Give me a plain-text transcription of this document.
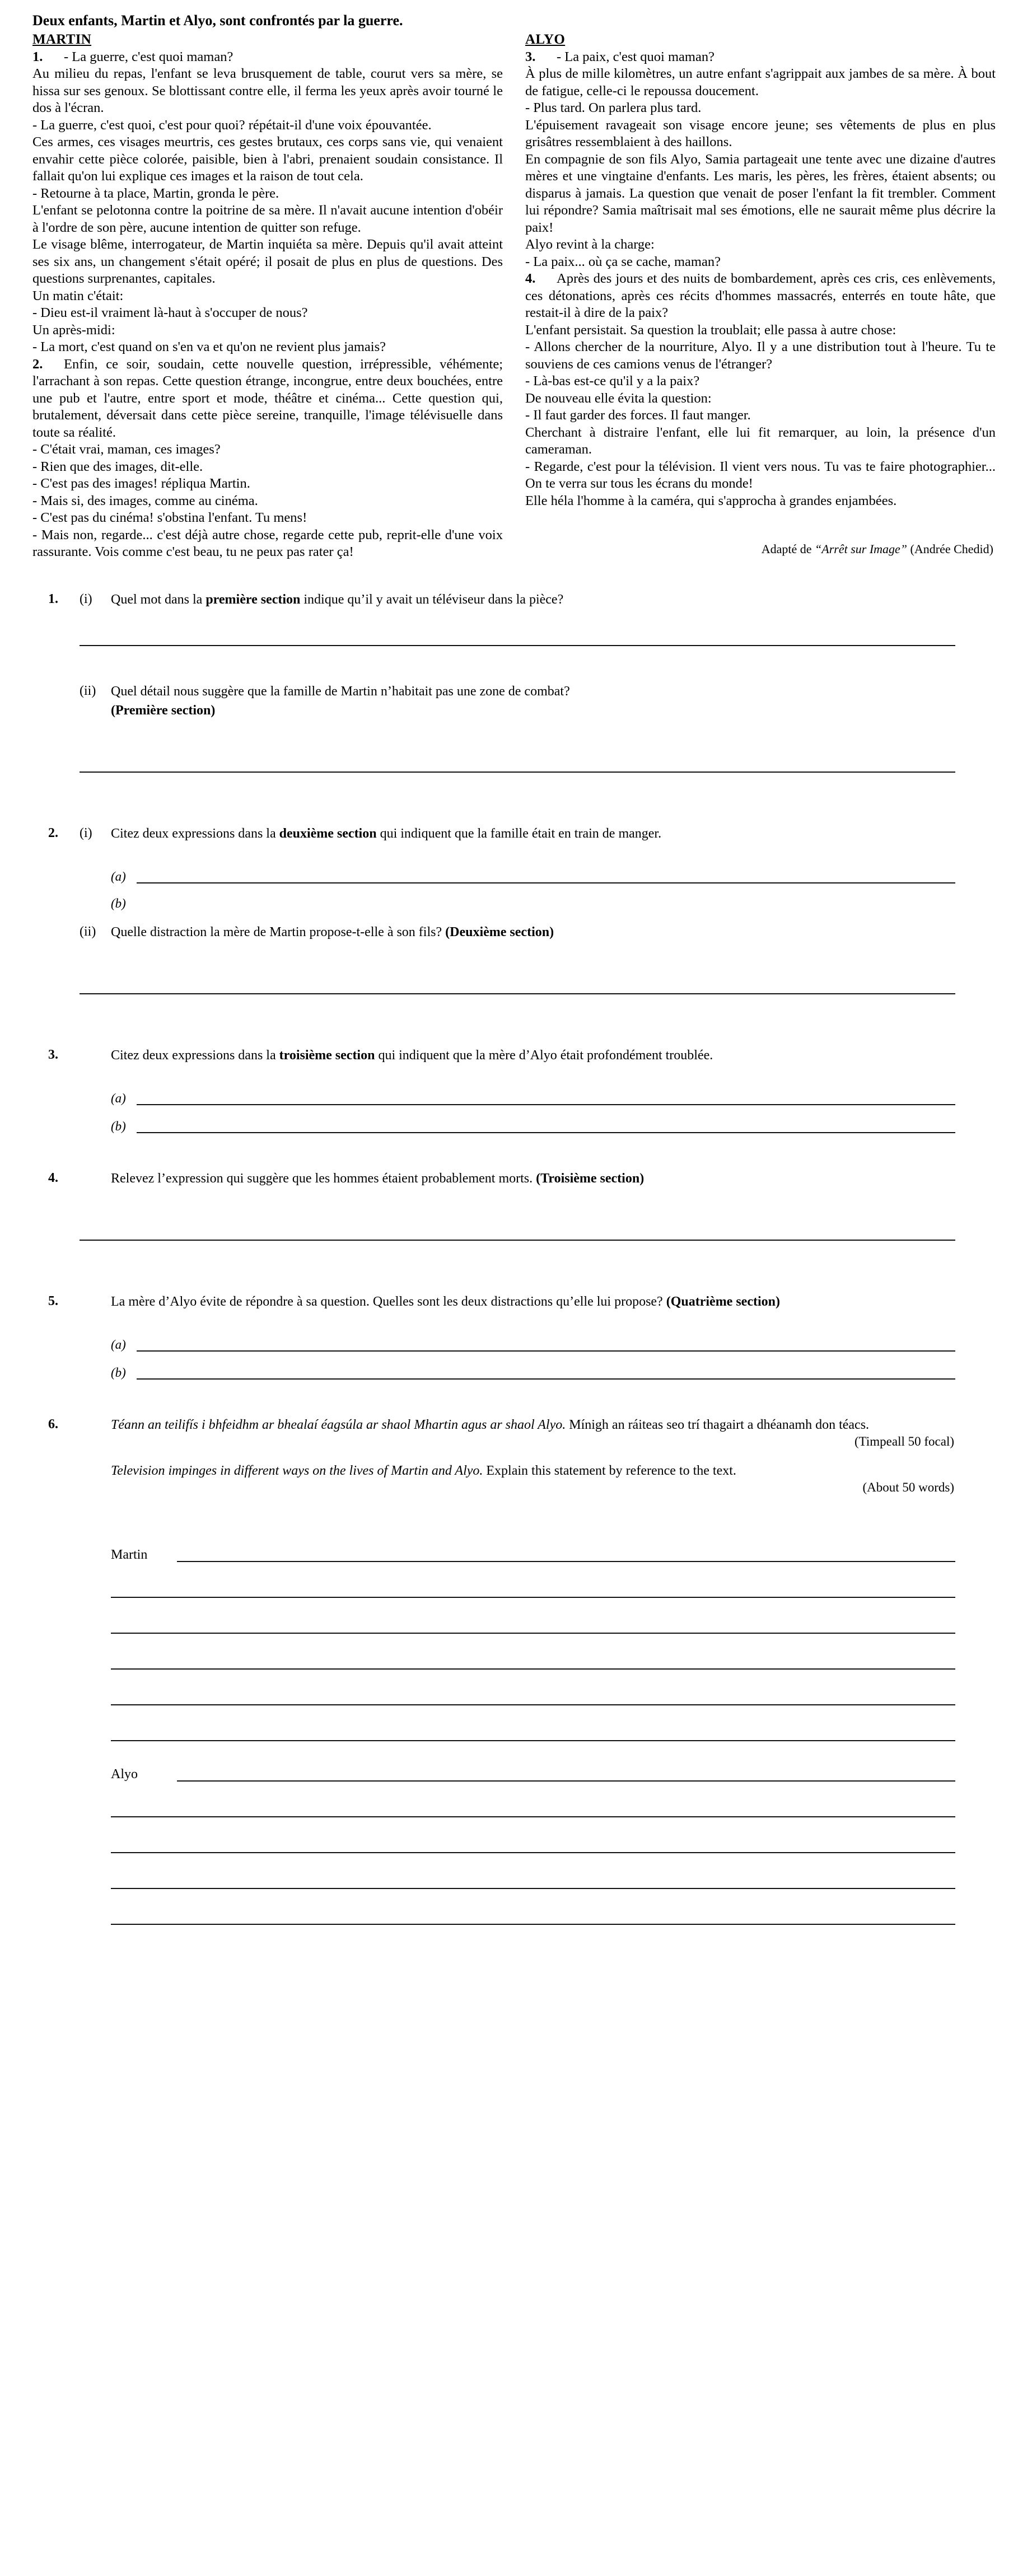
Deux enfants, Martin et Alyo, sont confrontés par la guerre.
MARTIN

1. - La guerre, c'est quoi maman?

Au milieu du repas, l'enfant se leva brusquement de table, courut vers sa mère, se hissa sur ses genoux. Se blottissant contre elle, il ferma les yeux après avoir tourné le dos à l'écran.

- La guerre, c'est quoi, c'est pour quoi? répétait-il d'une voix épouvantée.

Ces armes, ces visages meurtris, ces gestes brutaux, ces corps sans vie, qui venaient envahir cette pièce colorée, paisible, bien à l'abri, prenaient soudain consistance. Il fallait qu'on lui explique ces images et la raison de tout cela.

- Retourne à ta place, Martin, gronda le père.

L'enfant se pelotonna contre la poitrine de sa mère. Il n'avait aucune intention d'obéir à l'ordre de son père, aucune intention de quitter son refuge.

Le visage blême, interrogateur, de Martin inquiéta sa mère. Depuis qu'il avait atteint ses six ans, un changement s'était opéré; il posait de plus en plus de questions. Des questions surprenantes, capitales.

Un matin c'était:

- Dieu est-il vraiment là-haut à s'occuper de nous?

Un après-midi:

- La mort, c'est quand on s'en va et qu'on ne revient plus jamais?

2. Enfin, ce soir, soudain, cette nouvelle question, irrépressible, véhémente; l'arrachant à son repas. Cette question étrange, incongrue, entre deux bouchées, entre une pub et l'autre, entre sport et mode, théâtre et cinéma... Cette question qui, brutalement, déversait dans cette pièce sereine, tranquille, l'image télévisuelle dans toute sa réalité.

- C'était vrai, maman, ces images?

- Rien que des images, dit-elle.

- C'est pas des images! répliqua Martin.

- Mais si, des images, comme au cinéma.

- C'est pas du cinéma! s'obstina l'enfant. Tu mens!

- Mais non, regarde... c'est déjà autre chose, regarde cette pub, reprit-elle d'une voix rassurante. Vois comme c'est beau, tu ne peux pas rater ça!

ALYO

3. - La paix, c'est quoi maman?

À plus de mille kilomètres, un autre enfant s'agrippait aux jambes de sa mère. À bout de fatigue, celle-ci le repoussa doucement.

- Plus tard. On parlera plus tard.

L'épuisement ravageait son visage encore jeune; ses vêtements de plus en plus grisâtres ressemblaient à des haillons.

En compagnie de son fils Alyo, Samia partageait une tente avec une dizaine d'autres mères et une vingtaine d'enfants. Les maris, les pères, les frères, étaient absents; ou disparus à jamais. La question que venait de poser l'enfant la fit trembler. Comment lui répondre? Samia maîtrisait mal ses émotions, elle ne saurait même plus décrire la paix!

Alyo revint à la charge:

- La paix... où ça se cache, maman?

4. Après des jours et des nuits de bombardement, après ces cris, ces enlèvements, ces détonations, après ces récits d'hommes massacrés, enterrés en toute hâte, que restait-il à dire de la paix?

L'enfant persistait. Sa question la troublait; elle passa à autre chose:

- Allons chercher de la nourriture, Alyo. Il y a une distribution tout à l'heure. Tu te souviens de ces camions venus de l'étranger?

- Là-bas est-ce qu'il y a la paix?

De nouveau elle évita la question:

- Il faut garder des forces. Il faut manger.

Cherchant à distraire l'enfant, elle lui fit remarquer, au loin, la présence d'un cameraman.

- Regarde, c'est pour la télévision. Il vient vers nous. Tu vas te faire photographier... On te verra sur tous les écrans du monde!

Elle héla l'homme à la caméra, qui s'approcha à grandes enjambées.

Adapté de “Arrêt sur Image” (Andrée Chedid)
1.	(i)	Quel mot dans la première section indique qu’il y avait un téléviseur dans la pièce?
(ii)	Quel détail nous suggère que la famille de Martin n’habitait pas une zone de combat?
(Première section)
2.	(i)	Citez deux expressions dans la deuxième section qui indiquent que la famille était en train de manger.
(a)
(b)
(ii)	Quelle distraction la mère de Martin propose-t-elle à son fils? (Deuxième section)
3.	Citez deux expressions dans la troisième section qui indiquent que la mère d’Alyo était profondément troublée.
(a)
(b)
4.	Relevez l’expression qui suggère que les hommes étaient probablement morts. (Troisième section)
5.	La mère d’Alyo évite de répondre à sa question. Quelles sont les deux distractions qu’elle lui propose? (Quatrième section)
(a)
(b)
6.	Téann an teilifís i bhfeidhm ar bhealaí éagsúla ar shaol Mhartin agus ar shaol Alyo. Mínigh an ráiteas seo trí thagairt a dhéanamh don téacs.
(Timpeall 50 focal)
Television impinges in different ways on the lives of Martin and Alyo. Explain this statement by reference to the text.
(About 50 words)
Martin
Alyo
